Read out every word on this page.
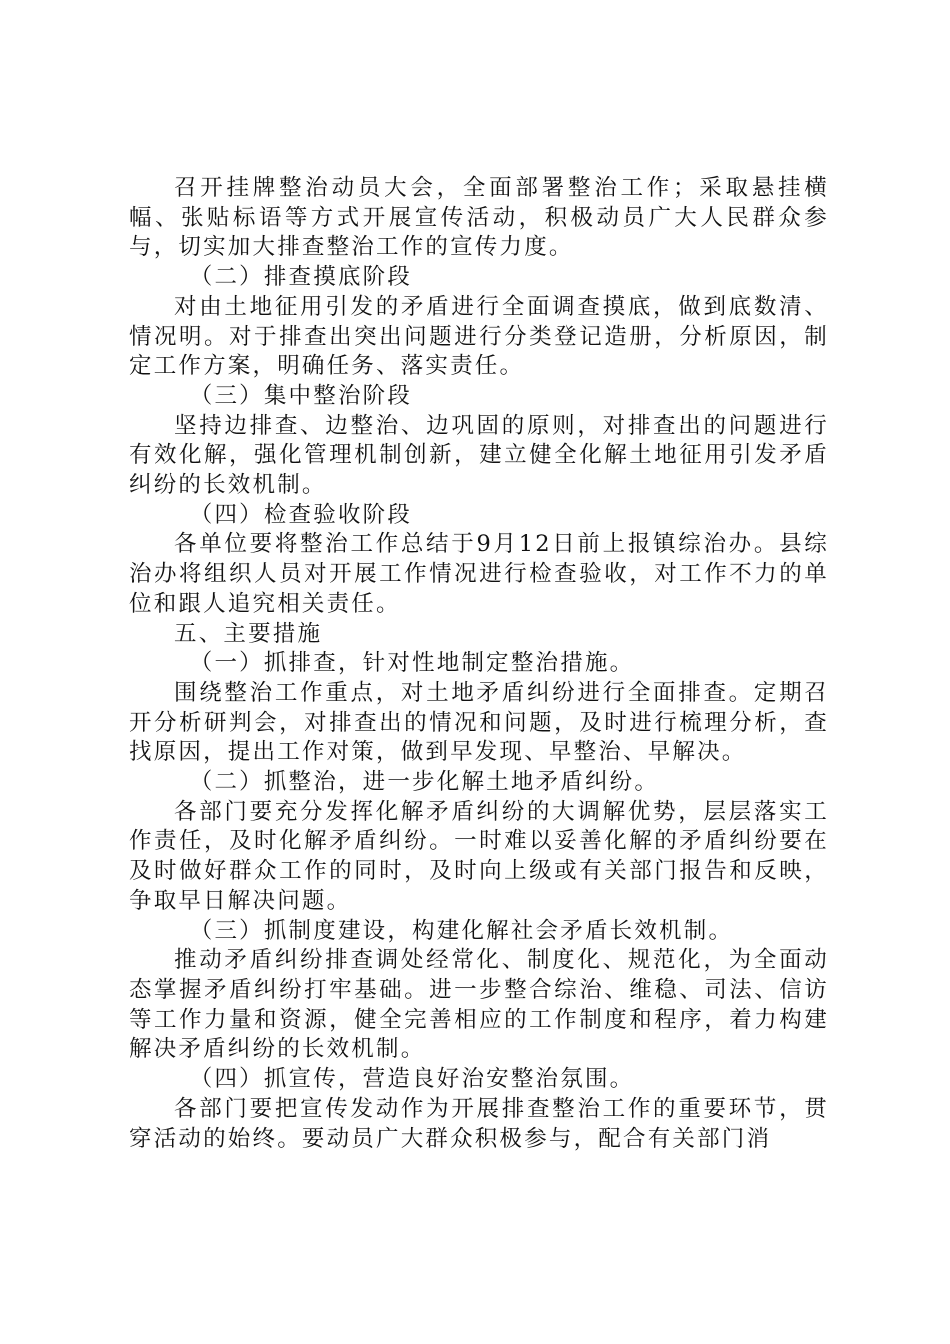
召开挂牌整治动员大会，全面部署整治工作；采取悬挂横幅、张贴标语等方式开展宣传活动，积极动员广大人民群众参与，切实加大排查整治工作的宣传力度。

（二）排查摸底阶段

对由土地征用引发的矛盾进行全面调查摸底，做到底数清、情况明。对于排查出突出问题进行分类登记造册，分析原因，制定工作方案，明确任务、落实责任。

（三）集中整治阶段

坚持边排查、边整治、边巩固的原则，对排查出的问题进行有效化解，强化管理机制创新，建立健全化解土地征用引发矛盾纠纷的长效机制。

（四）检查验收阶段

各单位要将整治工作总结于9月12日前上报镇综治办。县综治办将组织人员对开展工作情况进行检查验收，对工作不力的单位和跟人追究相关责任。

五、主要措施

（一）抓排查，针对性地制定整治措施。

围绕整治工作重点，对土地矛盾纠纷进行全面排查。定期召开分析研判会，对排查出的情况和问题，及时进行梳理分析，查找原因，提出工作对策，做到早发现、早整治、早解决。

（二）抓整治，进一步化解土地矛盾纠纷。

各部门要充分发挥化解矛盾纠纷的大调解优势，层层落实工作责任，及时化解矛盾纠纷。一时难以妥善化解的矛盾纠纷要在及时做好群众工作的同时，及时向上级或有关部门报告和反映，争取早日解决问题。

（三）抓制度建设，构建化解社会矛盾长效机制。

推动矛盾纠纷排查调处经常化、制度化、规范化，为全面动态掌握矛盾纠纷打牢基础。进一步整合综治、维稳、司法、信访等工作力量和资源，健全完善相应的工作制度和程序，着力构建解决矛盾纠纷的长效机制。

（四）抓宣传，营造良好治安整治氛围。

各部门要把宣传发动作为开展排查整治工作的重要环节，贯穿活动的始终。要动员广大群众积极参与，配合有关部门消
